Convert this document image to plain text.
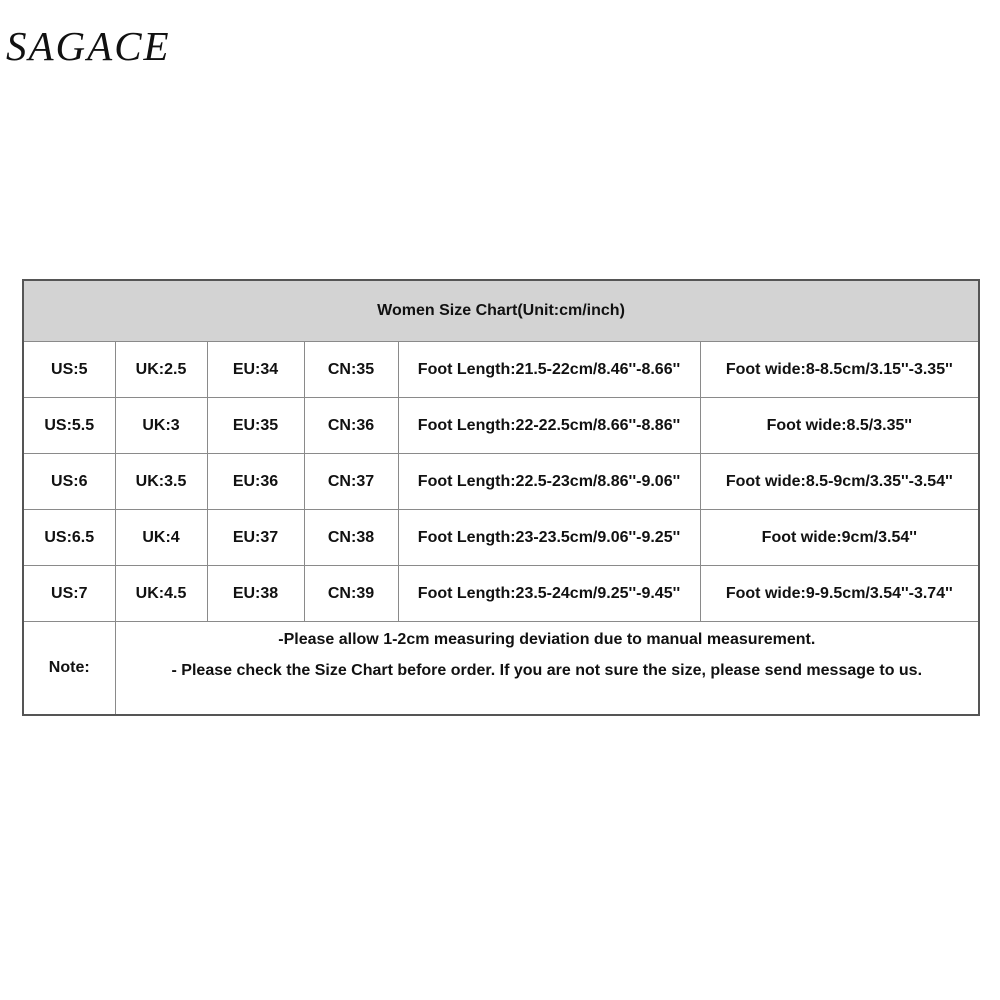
SAGACE
Women Size Chart(Unit:cm/inch)					
US:5	UK:2.5	EU:34	CN:35	Foot Length:21.5-22cm/8.46''-8.66''	Foot wide:8-8.5cm/3.15''-3.35''
US:5.5	UK:3	EU:35	CN:36	Foot Length:22-22.5cm/8.66''-8.86''	Foot wide:8.5/3.35''
US:6	UK:3.5	EU:36	CN:37	Foot Length:22.5-23cm/8.86''-9.06''	Foot wide:8.5-9cm/3.35''-3.54''
US:6.5	UK:4	EU:37	CN:38	Foot Length:23-23.5cm/9.06''-9.25''	Foot wide:9cm/3.54''
US:7	UK:4.5	EU:38	CN:39	Foot Length:23.5-24cm/9.25''-9.45''	Foot wide:9-9.5cm/3.54''-3.74''
Note:	-Please allow 1-2cm measuring deviation due to manual measurement.
- Please check the Size Chart before order. If you are not sure the size, please send message to us.				
